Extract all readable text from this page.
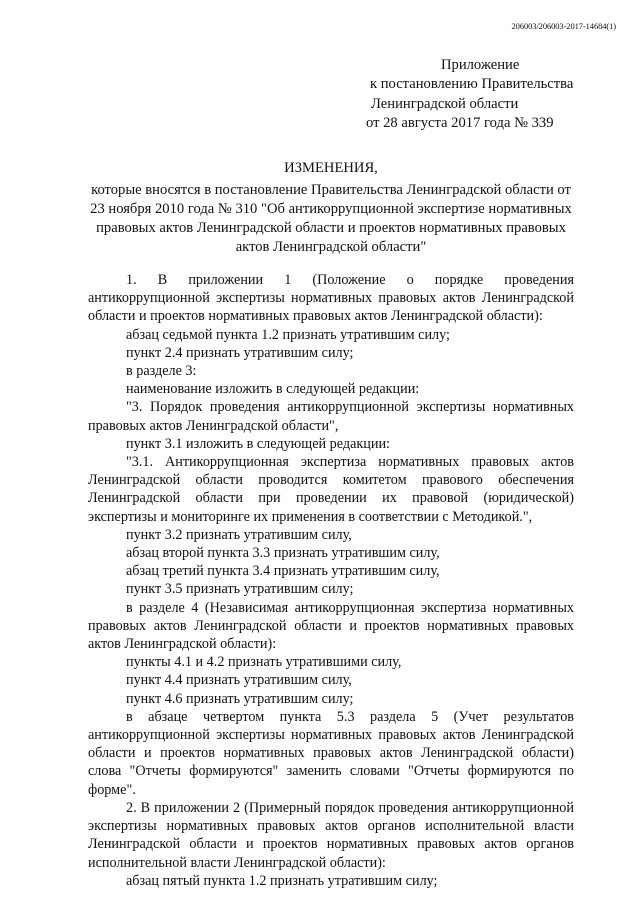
206003/206003-2017-14684(1)
Приложение
к постановлению Правительства
Ленинградской области
от 28 августа 2017 года № 339
ИЗМЕНЕНИЯ,
которые вносятся в постановление Правительства Ленинградской области от 23 ноября 2010 года № 310 "Об антикоррупционной экспертизе нормативных правовых актов Ленинградской области и проектов нормативных правовых актов Ленинградской области"

1. В приложении 1 (Положение о порядке проведения антикоррупционной экспертизы нормативных правовых актов Ленинградской области и проектов нормативных правовых актов Ленинградской области):

абзац седьмой пункта 1.2 признать утратившим силу;

пункт 2.4 признать утратившим силу;

в разделе 3:

наименование изложить в следующей редакции:

"3. Порядок проведения антикоррупционной экспертизы нормативных правовых актов Ленинградской области",

пункт 3.1 изложить в следующей редакции:

"3.1. Антикоррупционная экспертиза нормативных правовых актов Ленинградской области проводится комитетом правового обеспечения Ленинградской области при проведении их правовой (юридической) экспертизы и мониторинге их применения в соответствии с Методикой.",

пункт 3.2 признать утратившим силу,

абзац второй пункта 3.3 признать утратившим силу,

абзац третий пункта 3.4 признать утратившим силу,

пункт 3.5 признать утратившим силу;

в разделе 4 (Независимая антикоррупционная экспертиза нормативных правовых актов Ленинградской области и проектов нормативных правовых актов Ленинградской области):

пункты 4.1 и 4.2 признать утратившими силу,

пункт 4.4 признать утратившим силу,

пункт 4.6 признать утратившим силу;

в абзаце четвертом пункта 5.3 раздела 5 (Учет результатов антикоррупционной экспертизы нормативных правовых актов Ленинградской области и проектов нормативных правовых актов Ленинградской области) слова "Отчеты формируются" заменить словами "Отчеты формируются по форме".

2. В приложении 2 (Примерный порядок проведения антикоррупционной экспертизы нормативных правовых актов органов исполнительной власти Ленинградской области и проектов нормативных правовых актов органов исполнительной власти Ленинградской области):

абзац пятый пункта 1.2 признать утратившим силу;
